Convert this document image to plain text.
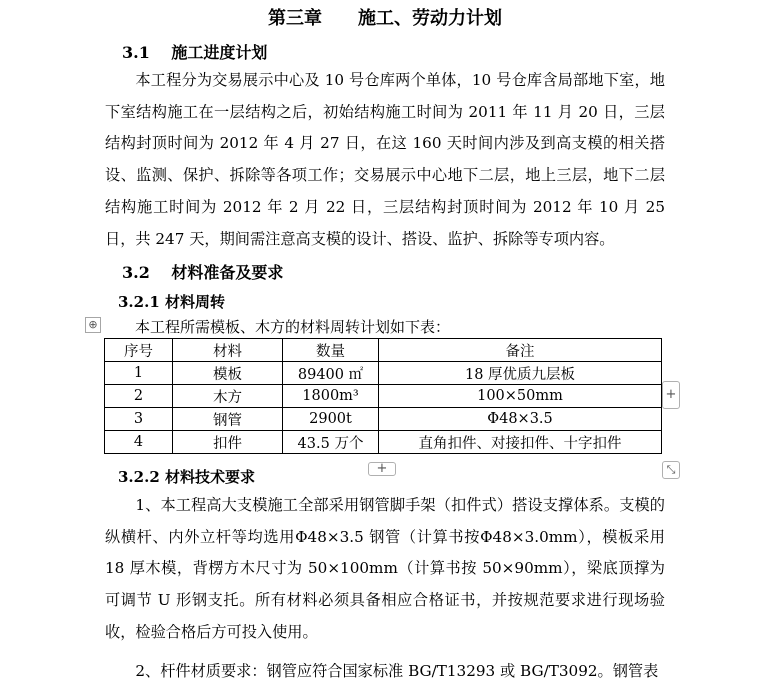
第三章　　施工、劳动力计划
3.1　 施工进度计划

本工程分为交易展示中心及 10 号仓库两个单体，10 号仓库含局部地下室，地下室结构施工在一层结构之后，初始结构施工时间为 2011 年 11 月 20 日，三层结构封顶时间为 2012 年 4 月 27 日，在这 160 天时间内涉及到高支模的相关搭设、监测、保护、拆除等各项工作；交易展示中心地下二层，地上三层，地下二层结构施工时间为 2012 年 2 月 22 日，三层结构封顶时间为 2012 年 10 月 25 日，共 247 天，期间需注意高支模的设计、搭设、监护、拆除等专项内容。

3.2　 材料准备及要求
3.2.1 材料周转
⊕ 本工程所需模板、木方的材料周转计划如下表：
序号	材料	数量	备注
1	模板	89400 ㎡	18 厚优质九层板
2	木方	1800m³	100×50mm
3	钢管	2900t	Φ48×3.5
4	扣件	43.5 万个	直角扣件、对接扣件、十字扣件
+
+	⤡
3.2.2 材料技术要求

1、本工程高大支模施工全部采用钢管脚手架（扣件式）搭设支撑体系。支模的纵横杆、内外立杆等均选用Φ48×3.5 钢管（计算书按Φ48×3.0mm），模板采用 18 厚木模，背楞方木尺寸为 50×100mm（计算书按 50×90mm），梁底顶撑为可调节 U 形钢支托。所有材料必须具备相应合格证书，并按规范要求进行现场验收，检验合格后方可投入使用。

2、杆件材质要求：钢管应符合国家标准 BG/T13293 或 BG/T3092。钢管表
